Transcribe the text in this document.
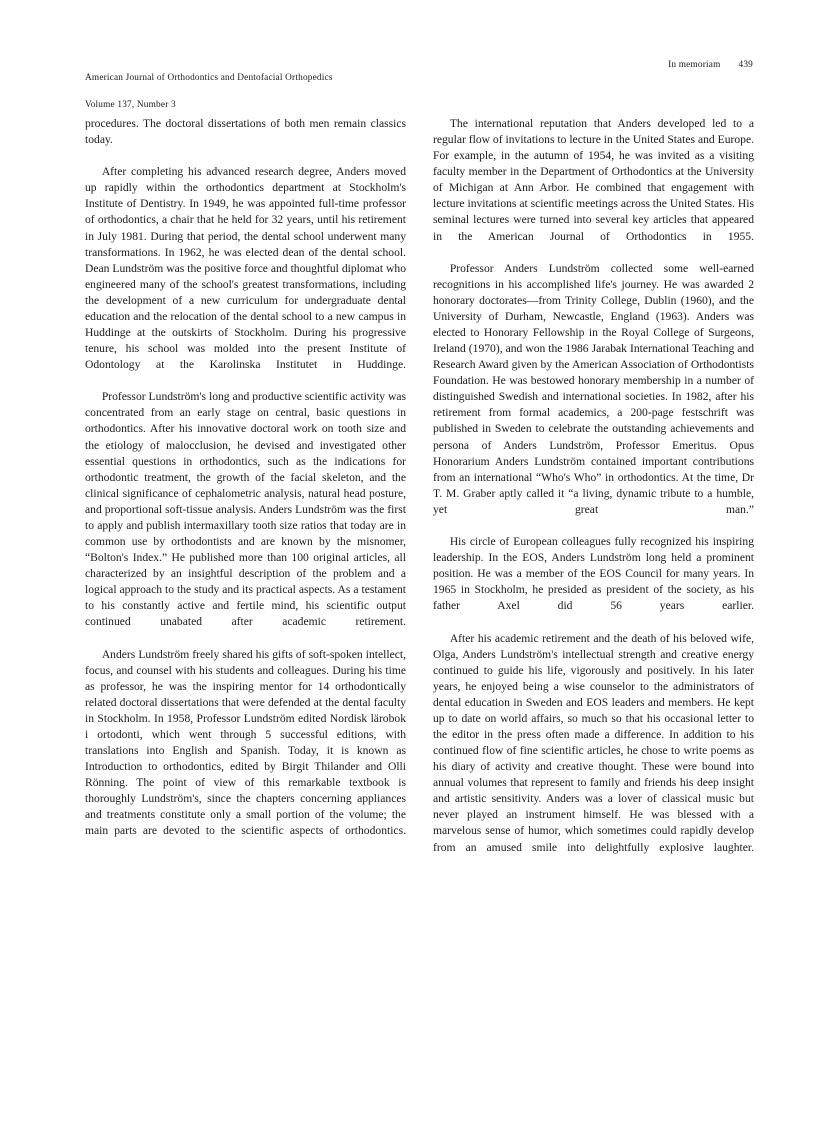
American Journal of Orthodontics and Dentofacial Orthopedics

Volume 137, Number 3

In memoriam 439

procedures. The doctoral dissertations of both men remain classics today.

After completing his advanced research degree, Anders moved up rapidly within the orthodontics department at Stockholm's Institute of Dentistry. In 1949, he was appointed full-time professor of orthodontics, a chair that he held for 32 years, until his retirement in July 1981. During that period, the dental school underwent many transformations. In 1962, he was elected dean of the dental school. Dean Lundström was the positive force and thoughtful diplomat who engineered many of the school's greatest transformations, including the development of a new curriculum for undergraduate dental education and the relocation of the dental school to a new campus in Huddinge at the outskirts of Stockholm. During his progressive tenure, his school was molded into the present Institute of Odontology at the Karolinska Institutet in Huddinge.

Professor Lundström's long and productive scientific activity was concentrated from an early stage on central, basic questions in orthodontics. After his innovative doctoral work on tooth size and the etiology of malocclusion, he devised and investigated other essential questions in orthodontics, such as the indications for orthodontic treatment, the growth of the facial skeleton, and the clinical significance of cephalometric analysis, natural head posture, and proportional soft-tissue analysis. Anders Lundström was the first to apply and publish intermaxillary tooth size ratios that today are in common use by orthodontists and are known by the misnomer, “Bolton's Index.” He published more than 100 original articles, all characterized by an insightful description of the problem and a logical approach to the study and its practical aspects. As a testament to his constantly active and fertile mind, his scientific output continued unabated after academic retirement.

Anders Lundström freely shared his gifts of soft-spoken intellect, focus, and counsel with his students and colleagues. During his time as professor, he was the inspiring mentor for 14 orthodontically related doctoral dissertations that were defended at the dental faculty in Stockholm. In 1958, Professor Lundström edited Nordisk lärobok i ortodonti, which went through 5 successful editions, with translations into English and Spanish. Today, it is known as Introduction to orthodontics, edited by Birgit Thilander and Olli Rönning. The point of view of this remarkable textbook is thoroughly Lundström's, since the chapters concerning appliances and treatments constitute only a small portion of the volume; the main parts are devoted to the scientific aspects of orthodontics.

The international reputation that Anders developed led to a regular flow of invitations to lecture in the United States and Europe. For example, in the autumn of 1954, he was invited as a visiting faculty member in the Department of Orthodontics at the University of Michigan at Ann Arbor. He combined that engagement with lecture invitations at scientific meetings across the United States. His seminal lectures were turned into several key articles that appeared in the American Journal of Orthodontics in 1955.

Professor Anders Lundström collected some well-earned recognitions in his accomplished life's journey. He was awarded 2 honorary doctorates—from Trinity College, Dublin (1960), and the University of Durham, Newcastle, England (1963). Anders was elected to Honorary Fellowship in the Royal College of Surgeons, Ireland (1970), and won the 1986 Jarabak International Teaching and Research Award given by the American Association of Orthodontists Foundation. He was bestowed honorary membership in a number of distinguished Swedish and international societies. In 1982, after his retirement from formal academics, a 200-page festschrift was published in Sweden to celebrate the outstanding achievements and persona of Anders Lundström, Professor Emeritus. Opus Honorarium Anders Lundström contained important contributions from an international “Who's Who” in orthodontics. At the time, Dr T. M. Graber aptly called it “a living, dynamic tribute to a humble, yet great man.”

His circle of European colleagues fully recognized his inspiring leadership. In the EOS, Anders Lundström long held a prominent position. He was a member of the EOS Council for many years. In 1965 in Stockholm, he presided as president of the society, as his father Axel did 56 years earlier.

After his academic retirement and the death of his beloved wife, Olga, Anders Lundström's intellectual strength and creative energy continued to guide his life, vigorously and positively. In his later years, he enjoyed being a wise counselor to the administrators of dental education in Sweden and EOS leaders and members. He kept up to date on world affairs, so much so that his occasional letter to the editor in the press often made a difference. In addition to his continued flow of fine scientific articles, he chose to write poems as his diary of activity and creative thought. These were bound into annual volumes that represent to family and friends his deep insight and artistic sensitivity. Anders was a lover of classical music but never played an instrument himself. He was blessed with a marvelous sense of humor, which sometimes could rapidly develop from an amused smile into delightfully explosive laughter.
